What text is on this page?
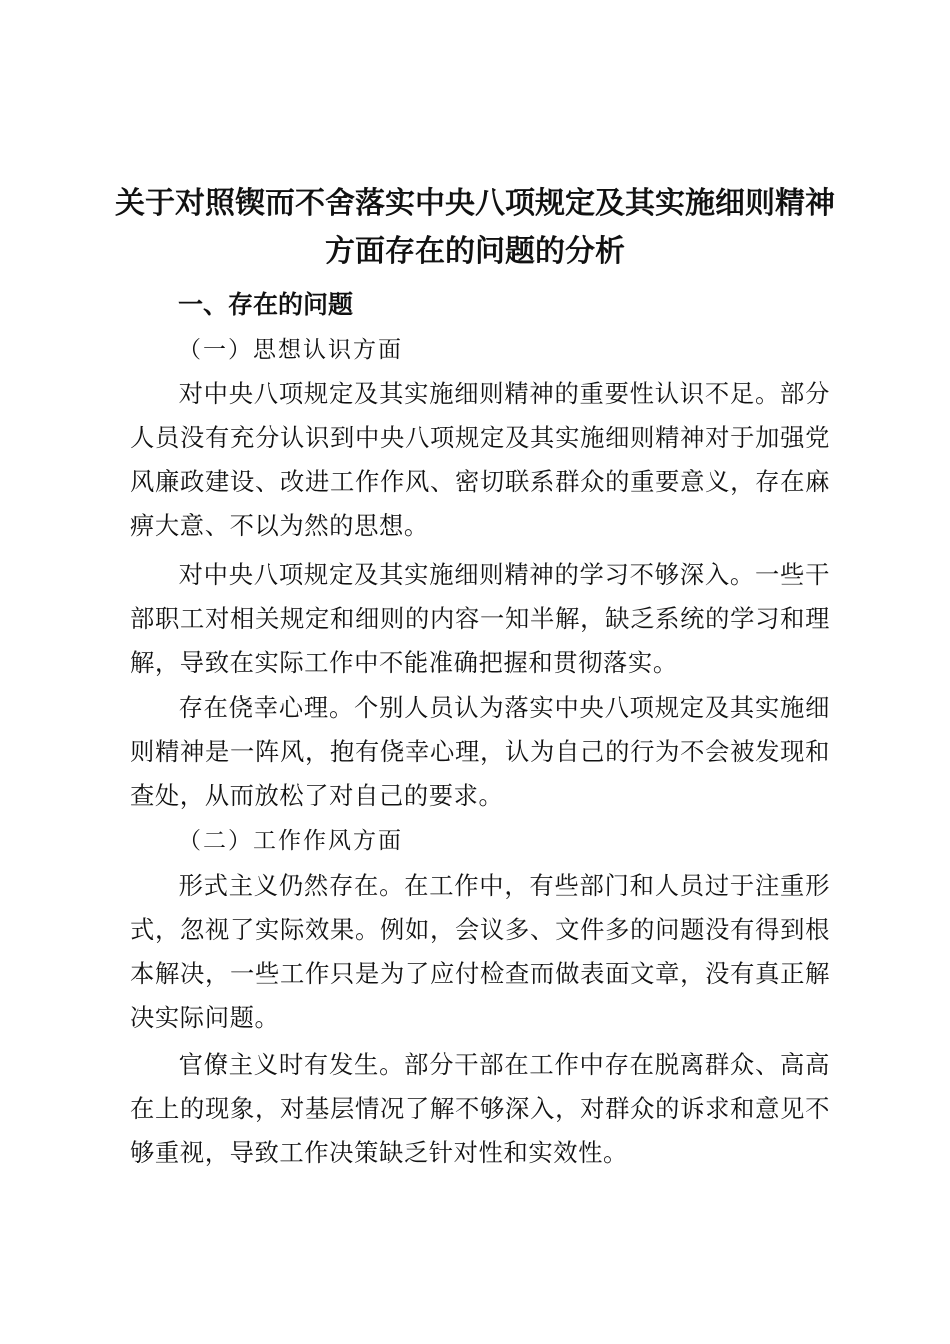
关于对照锲而不舍落实中央八项规定及其实施细则精神
方面存在的问题的分析
一、存在的问题
（一）思想认识方面

对中央八项规定及其实施细则精神的重要性认识不足。部分人员没有充分认识到中央八项规定及其实施细则精神对于加强党风廉政建设、改进工作作风、密切联系群众的重要意义，存在麻痹大意、不以为然的思想。

对中央八项规定及其实施细则精神的学习不够深入。一些干部职工对相关规定和细则的内容一知半解，缺乏系统的学习和理解，导致在实际工作中不能准确把握和贯彻落实。

存在侥幸心理。个别人员认为落实中央八项规定及其实施细则精神是一阵风，抱有侥幸心理，认为自己的行为不会被发现和查处，从而放松了对自己的要求。

（二）工作作风方面

形式主义仍然存在。在工作中，有些部门和人员过于注重形式，忽视了实际效果。例如，会议多、文件多的问题没有得到根本解决，一些工作只是为了应付检查而做表面文章，没有真正解决实际问题。

官僚主义时有发生。部分干部在工作中存在脱离群众、高高在上的现象，对基层情况了解不够深入，对群众的诉求和意见不够重视，导致工作决策缺乏针对性和实效性。
